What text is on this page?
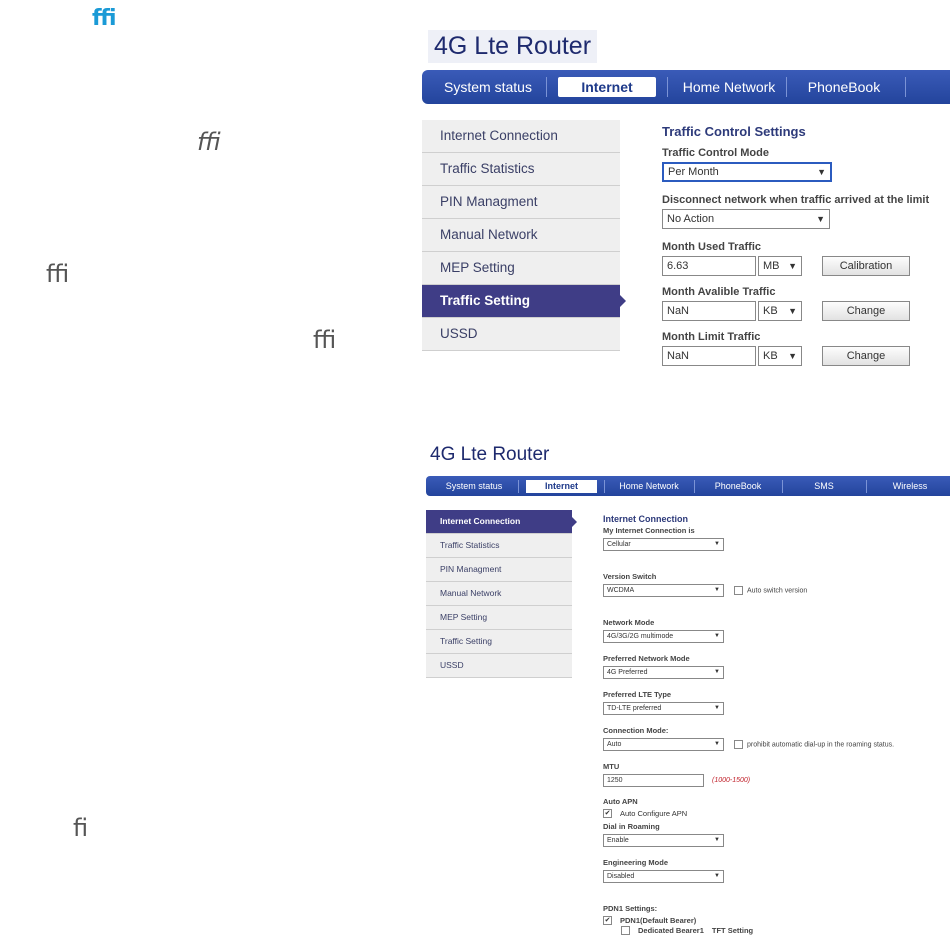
ﬃ
ﬃ
ﬃ
ﬃ
ﬁ
4G Lte Router
System status	Internet	Home Network	PhoneBook
Internet Connection
Traffic Statistics
PIN Managment
Manual Network
MEP Setting
Traffic Setting
USSD
Traffic Control Settings
Traffic Control Mode
Per Month	▼
Disconnect network when traffic arrived at the limit
No Action	▼
Month Used Traffic
6.63	MB ▼	Calibration
Month Avalible Traffic
NaN	KB ▼	Change
Month Limit Traffic
NaN	KB ▼	Change
4G Lte Router
System status	Internet	Home Network	PhoneBook	SMS	Wireless
Internet Connection
Traffic Statistics
PIN Managment
Manual Network
MEP Setting
Traffic Setting
USSD
Internet Connection
My Internet Connection is
Cellular	▼
Version Switch
WCDMA	▼	Auto switch version
Network Mode
4G/3G/2G multimode	▼
Preferred Network Mode
4G Preferred	▼
Preferred LTE Type
TD-LTE preferred	▼
Connection Mode:
Auto	▼	prohibit automatic dial-up in the roaming status.
MTU
1250	(1000-1500)
Auto APN
✔ Auto Configure APN
Dial in Roaming
Enable	▼
Engineering Mode
Disabled	▼
PDN1 Settings:
✔ PDN1(Default Bearer)
Dedicated Bearer1 TFT Setting
